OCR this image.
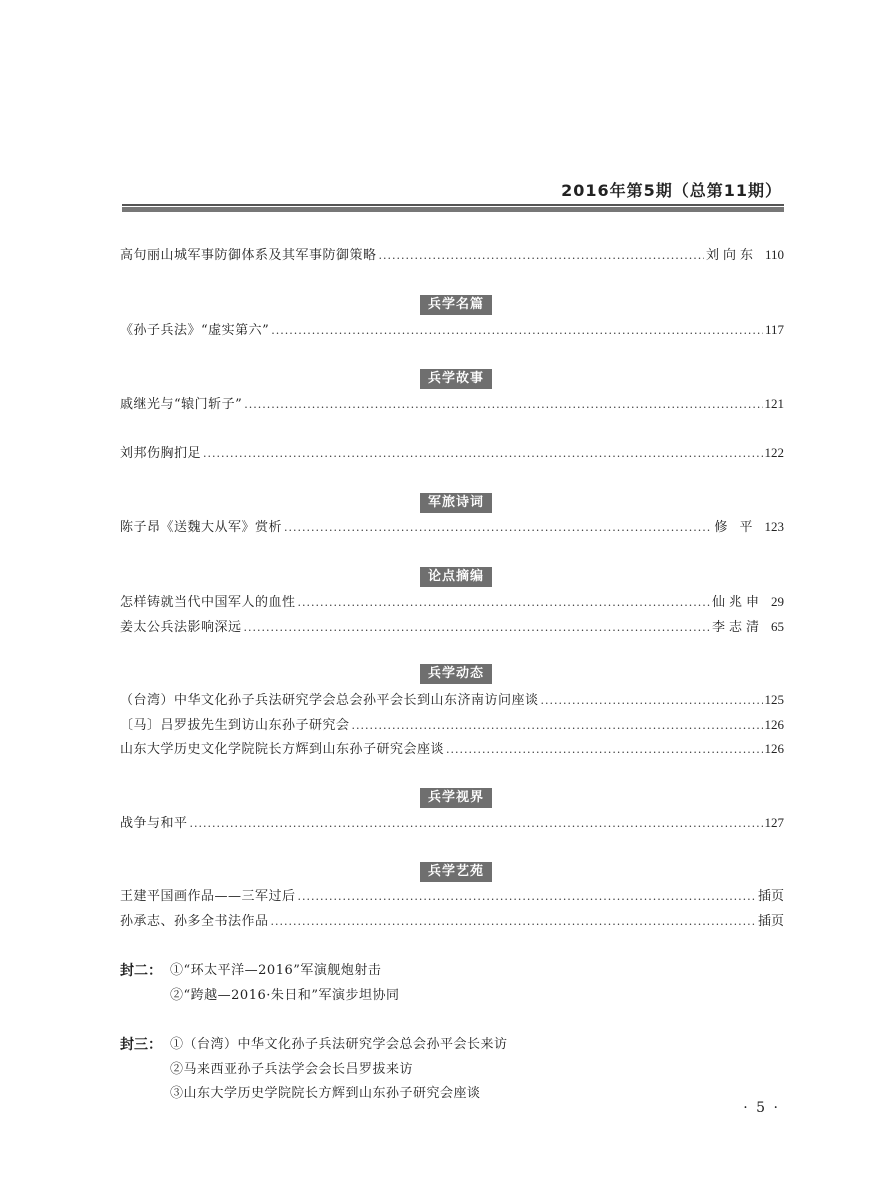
2016年第5期（总第11期）
高句丽山城军事防御体系及其军事防御策略 .....	刘向东 110
兵学名篇
《孙子兵法》“虚实第六” .....	117
兵学故事
戚继光与“辕门斩子” .....	121
刘邦伤胸扪足 .....	122
军旅诗词
陈子昂《送魏大从军》赏析 .....	修 平 123
论点摘编
怎样铸就当代中国军人的血性 .....	仙兆申 29
姜太公兵法影响深远 .....	李志清 65
兵学动态
（台湾）中华文化孙子兵法研究学会总会孙平会长到山东济南访问座谈 .....	125
〔马〕吕罗拔先生到访山东孙子研究会 .....	126
山东大学历史文化学院院长方辉到山东孙子研究会座谈 .....	126
兵学视界
战争与和平 .....	127
兵学艺苑
王建平国画作品——三军过后 .....	插页
孙承志、孙多全书法作品 .....	插页
封二： ①“环太平洋—2016”军演舰炮射击
②“跨越—2016·朱日和”军演步坦协同
封三： ①（台湾）中华文化孙子兵法研究学会总会孙平会长来访
②马来西亚孙子兵法学会会长吕罗拔来访
③山东大学历史学院院长方辉到山东孙子研究会座谈
· 5 ·
